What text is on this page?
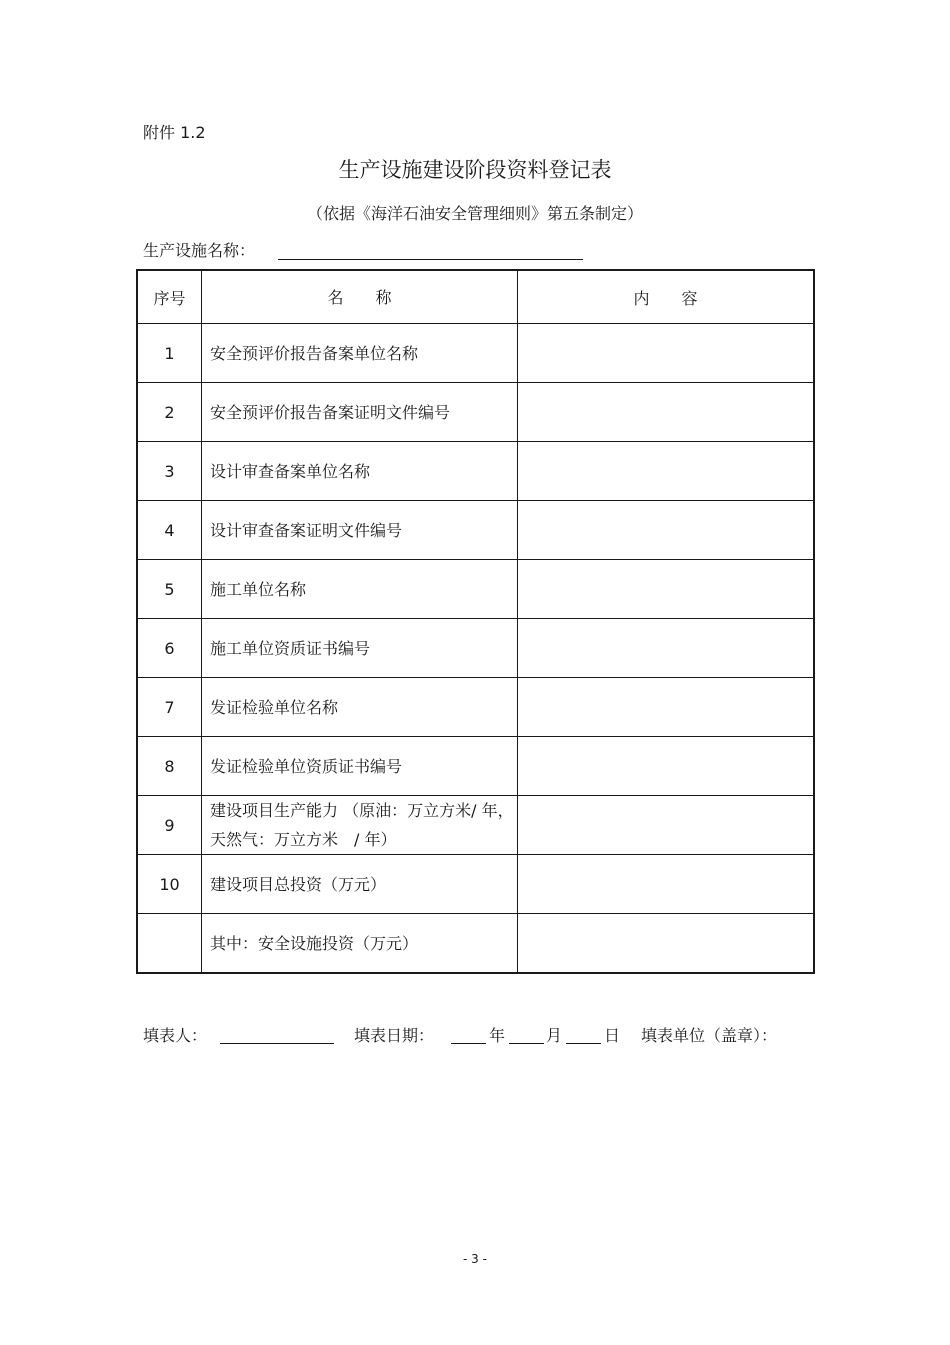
附件 1.2
生产设施建设阶段资料登记表
（依据《海洋石油安全管理细则》第五条制定）
生产设施名称：
序号	名　　称	内　　容
1	安全预评价报告备案单位名称	
2	安全预评价报告备案证明文件编号	
3	设计审查备案单位名称	
4	设计审查备案证明文件编号	
5	施工单位名称	
6	施工单位资质证书编号	
7	发证检验单位名称	
8	发证检验单位资质证书编号	
9	建设项目生产能力 （原油：万立方米/ 年，天然气：万立方米　/ 年）	
10	建设项目总投资（万元）	
	其中：安全设施投资（万元）	
填表人：	填表日期：	年	月	日 填表单位（盖章）：
- 3 -
